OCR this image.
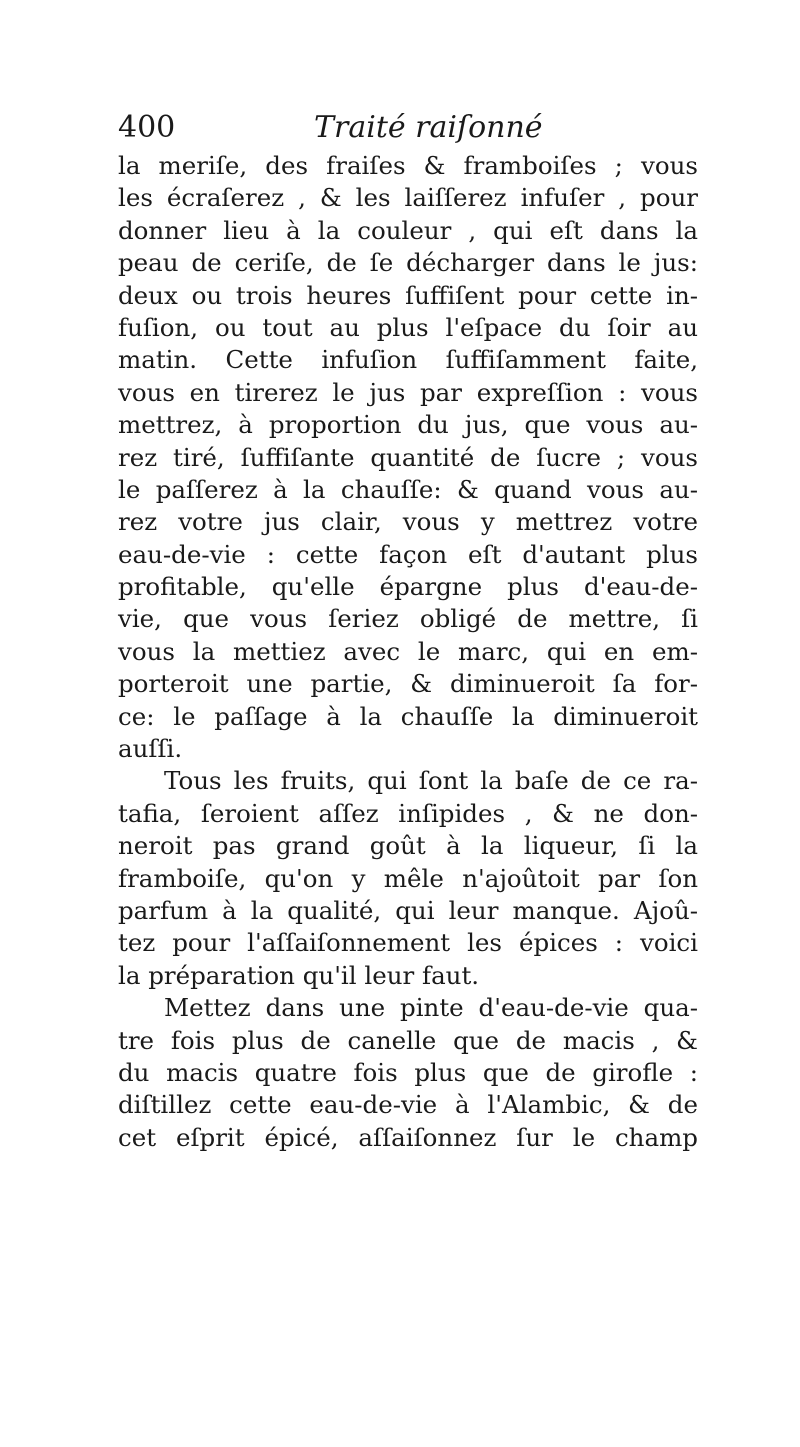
400	Traité raiſonné
la meriſe, des fraiſes & framboiſes ; vous
les écraſerez , & les laiſſerez infuſer , pour
donner lieu à la couleur , qui eſt dans la
peau de ceriſe, de ſe décharger dans le jus:
deux ou trois heures ſuffiſent pour cette in-
fuſion, ou tout au plus l'eſpace du ſoir au
matin. Cette infuſion ſuffiſamment faite,
vous en tirerez le jus par expreſſion : vous
mettrez, à proportion du jus, que vous au-
rez tiré, ſuffiſante quantité de ſucre ; vous
le paſſerez à la chauſſe: & quand vous au-
rez votre jus clair, vous y mettrez votre
eau-de-vie : cette façon eſt d'autant plus
profitable, qu'elle épargne plus d'eau-de-
vie, que vous ſeriez obligé de mettre, ſi
vous la mettiez avec le marc, qui en em-
porteroit une partie, & diminueroit ſa for-
ce: le paſſage à la chauſſe la diminueroit
auſſi.
Tous les fruits, qui ſont la baſe de ce ra-
tafia, ſeroient aſſez inſipides , & ne don-
neroit pas grand goût à la liqueur, ſi la
framboiſe, qu'on y mêle n'ajoûtoit par ſon
parfum à la qualité, qui leur manque. Ajoû-
tez pour l'aſſaiſonnement les épices : voici
la préparation qu'il leur faut.
Mettez dans une pinte d'eau-de-vie qua-
tre fois plus de canelle que de macis , &
du macis quatre fois plus que de girofle :
diſtillez cette eau-de-vie à l'Alambic, & de
cet eſprit épicé, aſſaiſonnez ſur le champ
